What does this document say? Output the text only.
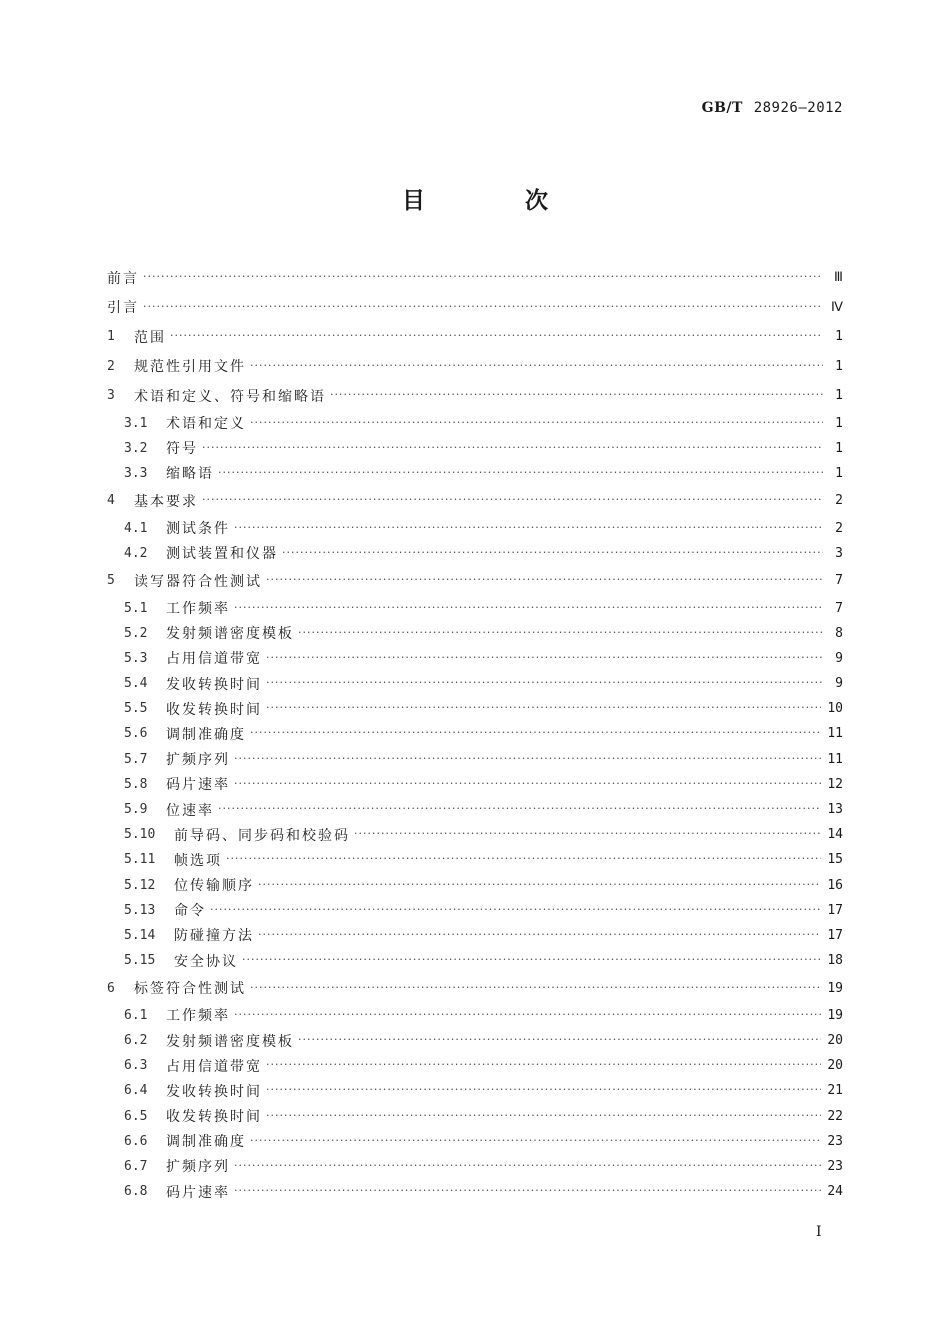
GB/T 28926—2012
目 次
前言 ·····	Ⅲ
引言 ·····	Ⅳ
1	范围 ·····	1
2	规范性引用文件 ·····	1
3	术语和定义、符号和缩略语 ·····	1
3.1	术语和定义 ·····	1
3.2	符号 ·····	1
3.3	缩略语 ·····	1
4	基本要求 ·····	2
4.1	测试条件 ·····	2
4.2	测试装置和仪器 ·····	3
5	读写器符合性测试 ·····	7
5.1	工作频率 ·····	7
5.2	发射频谱密度模板 ·····	8
5.3	占用信道带宽 ·····	9
5.4	发收转换时间 ·····	9
5.5	收发转换时间 ·····	10
5.6	调制准确度 ·····	11
5.7	扩频序列 ·····	11
5.8	码片速率 ·····	12
5.9	位速率 ·····	13
5.10	前导码、同步码和校验码 ·····	14
5.11	帧选项 ·····	15
5.12	位传输顺序 ·····	16
5.13	命令 ·····	17
5.14	防碰撞方法 ·····	17
5.15	安全协议 ·····	18
6	标签符合性测试 ·····	19
6.1	工作频率 ·····	19
6.2	发射频谱密度模板 ·····	20
6.3	占用信道带宽 ·····	20
6.4	发收转换时间 ·····	21
6.5	收发转换时间 ·····	22
6.6	调制准确度 ·····	23
6.7	扩频序列 ·····	23
6.8	码片速率 ·····	24
I
